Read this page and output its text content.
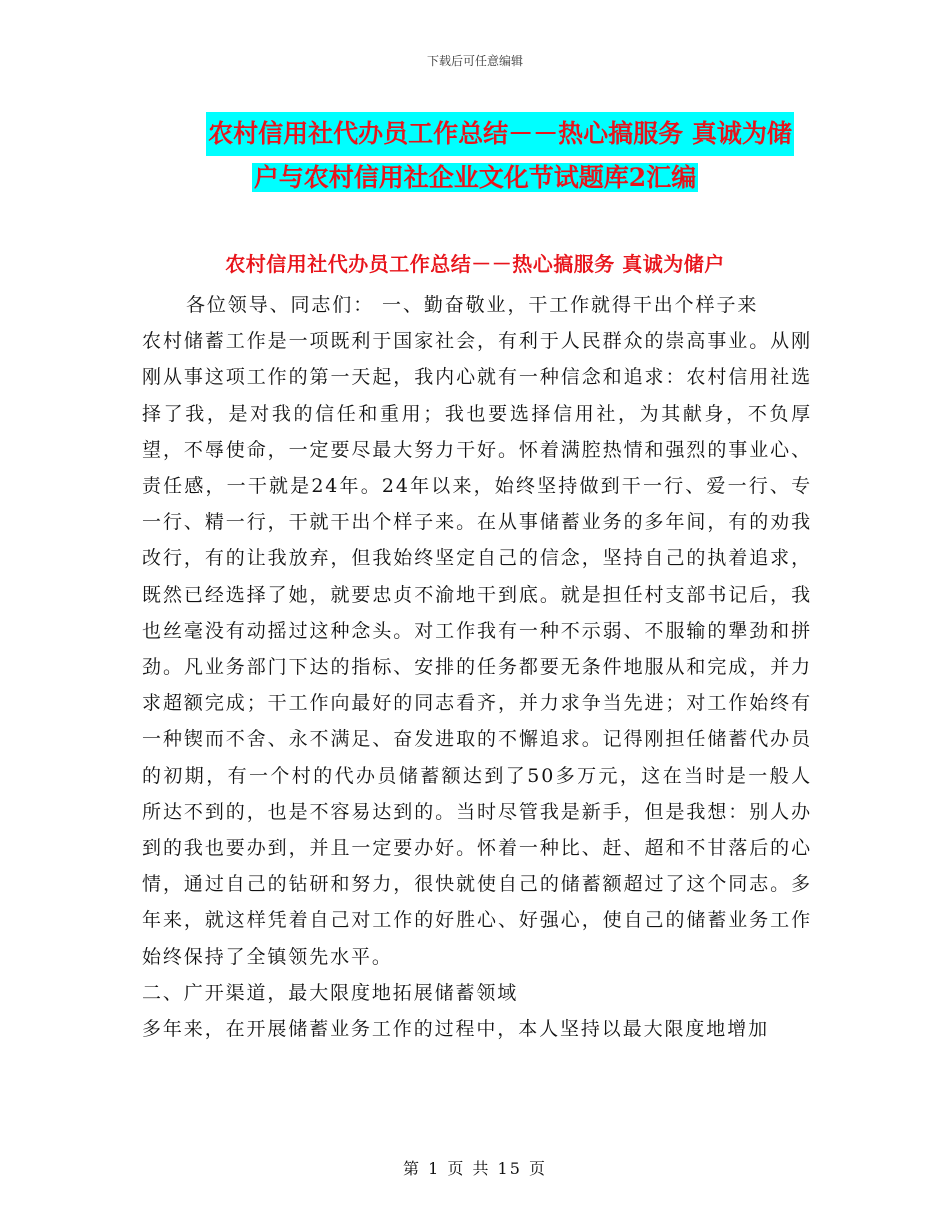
下载后可任意编辑
农村信用社代办员工作总结－－热心搞服务 真诚为储
户与农村信用社企业文化节试题库2汇编
农村信用社代办员工作总结－－热心搞服务 真诚为储户

各位领导、同志们： 一、勤奋敬业，干工作就得干出个样子来

农村储蓄工作是一项既利于国家社会，有利于人民群众的崇高事业。从刚刚从事这项工作的第一天起，我内心就有一种信念和追求：农村信用社选择了我，是对我的信任和重用；我也要选择信用社，为其献身，不负厚望，不辱使命，一定要尽最大努力干好。怀着满腔热情和强烈的事业心、责任感，一干就是24年。24年以来，始终坚持做到干一行、爱一行、专一行、精一行，干就干出个样子来。在从事储蓄业务的多年间，有的劝我改行，有的让我放弃，但我始终坚定自己的信念，坚持自己的执着追求，既然已经选择了她，就要忠贞不渝地干到底。就是担任村支部书记后，我也丝毫没有动摇过这种念头。对工作我有一种不示弱、不服输的犟劲和拼劲。凡业务部门下达的指标、安排的任务都要无条件地服从和完成，并力求超额完成；干工作向最好的同志看齐，并力求争当先进；对工作始终有一种锲而不舍、永不满足、奋发进取的不懈追求。记得刚担任储蓄代办员的初期，有一个村的代办员储蓄额达到了50多万元，这在当时是一般人所达不到的，也是不容易达到的。当时尽管我是新手，但是我想：别人办到的我也要办到，并且一定要办好。怀着一种比、赶、超和不甘落后的心情，通过自己的钻研和努力，很快就使自己的储蓄额超过了这个同志。多年来，就这样凭着自己对工作的好胜心、好强心，使自己的储蓄业务工作始终保持了全镇领先水平。

二、广开渠道，最大限度地拓展储蓄领域

多年来，在开展储蓄业务工作的过程中，本人坚持以最大限度地增加

第 1 页 共 15 页
